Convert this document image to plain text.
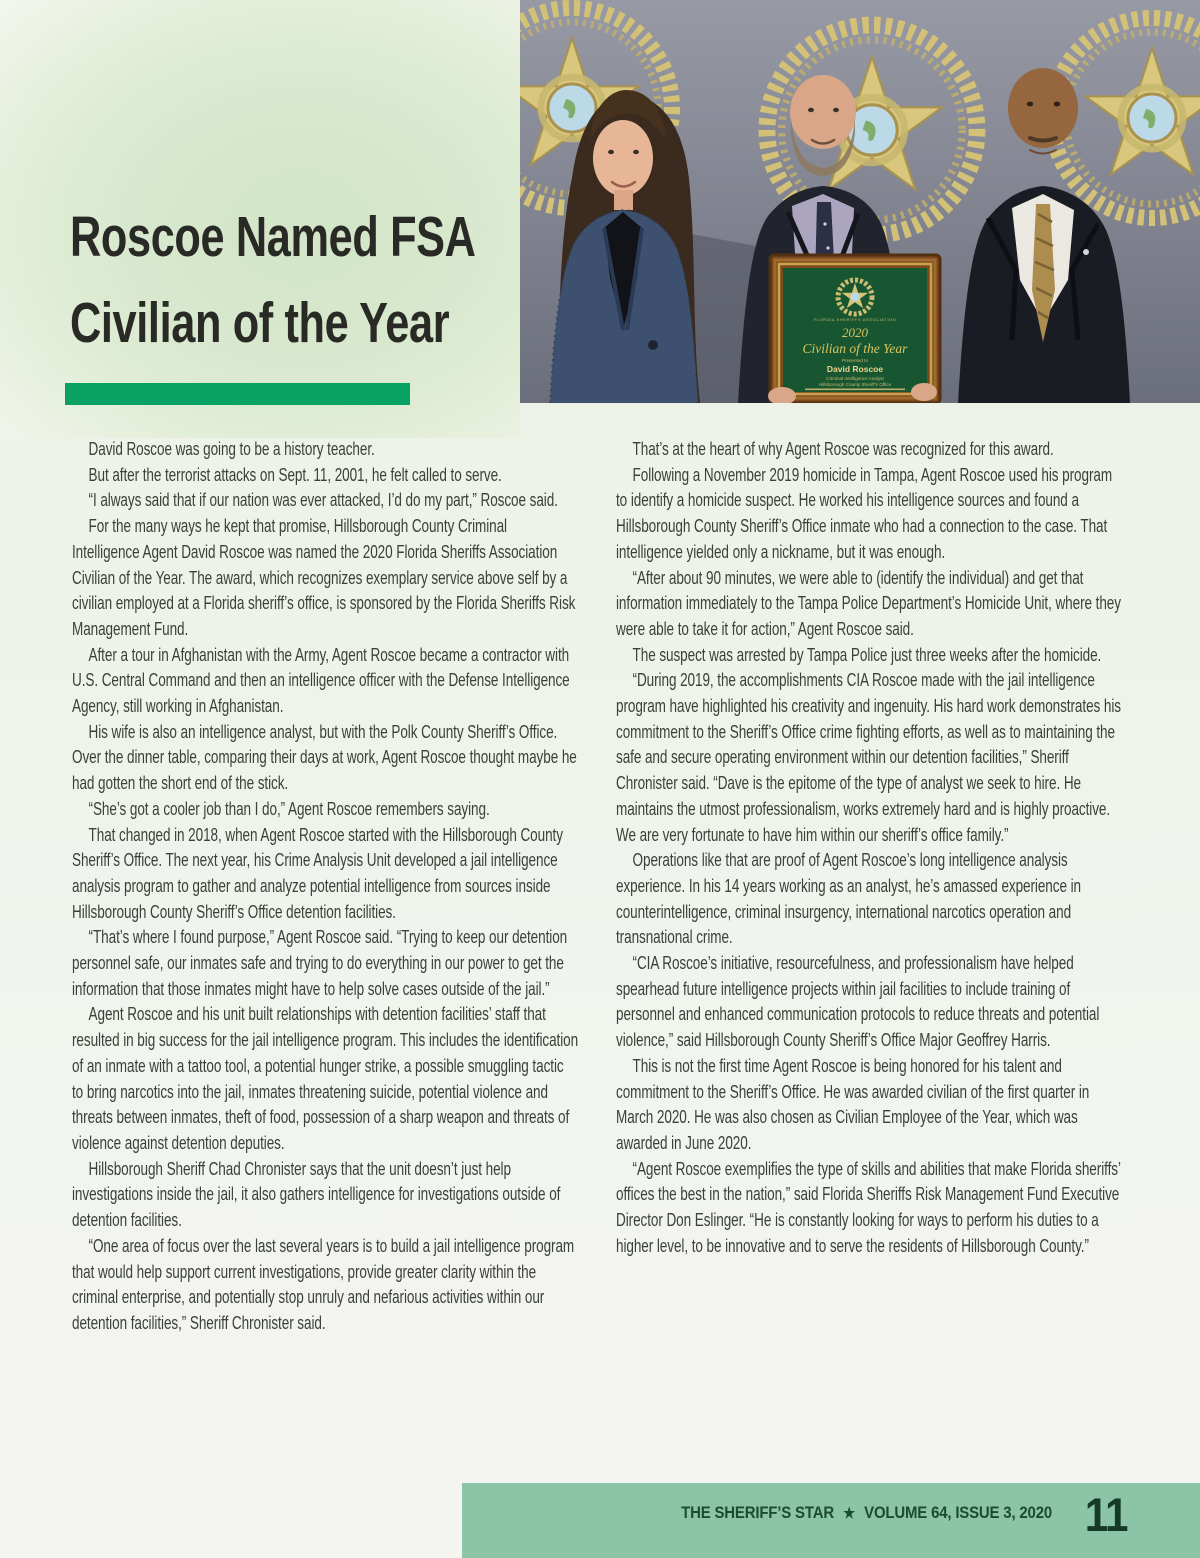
Roscoe Named FSA
Civilian of the Year	FLORIDA SHERIFFS ASSOCIATION
2020
Civilian of the Year
Presented to
David Roscoe
Criminal Intelligence Analyst
Hillsborough County Sheriff’s Office

David Roscoe was going to be a history teacher.

But after the terrorist attacks on Sept. 11, 2001, he felt called to serve.

“I always said that if our nation was ever attacked, I’d do my part,” Roscoe said.

For the many ways he kept that promise, Hillsborough County Criminal Intelligence Agent David Roscoe was named the 2020 Florida Sheriffs Association Civilian of the Year. The award, which recognizes exemplary service above self by a civilian employed at a Florida sheriff’s office, is sponsored by the Florida Sheriffs Risk Management Fund.

After a tour in Afghanistan with the Army, Agent Roscoe became a contractor with U.S. Central Command and then an intelligence officer with the Defense Intelligence Agency, still working in Afghanistan.

His wife is also an intelligence analyst, but with the Polk County Sheriff’s Office. Over the dinner table, comparing their days at work, Agent Roscoe thought maybe he had gotten the short end of the stick.

“She’s got a cooler job than I do,” Agent Roscoe remembers saying.

That changed in 2018, when Agent Roscoe started with the Hillsborough County Sheriff’s Office. The next year, his Crime Analysis Unit developed a jail intelligence analysis program to gather and analyze potential intelligence from sources inside Hillsborough County Sheriff’s Office detention facilities.

“That’s where I found purpose,” Agent Roscoe said. “Trying to keep our detention personnel safe, our inmates safe and trying to do everything in our power to get the information that those inmates might have to help solve cases outside of the jail.”

Agent Roscoe and his unit built relationships with detention facilities’ staff that resulted in big success for the jail intelligence program. This includes the identification of an inmate with a tattoo tool, a potential hunger strike, a possible smuggling tactic to bring narcotics into the jail, inmates threatening suicide, potential violence and threats between inmates, theft of food, possession of a sharp weapon and threats of violence against detention deputies.

Hillsborough Sheriff Chad Chronister says that the unit doesn’t just help investigations inside the jail, it also gathers intelligence for investigations outside of detention facilities.

“One area of focus over the last several years is to build a jail intelligence program that would help support current investigations, provide greater clarity within the criminal enterprise, and potentially stop unruly and nefarious activities within our detention facilities,” Sheriff Chronister said.

That’s at the heart of why Agent Roscoe was recognized for this award.

Following a November 2019 homicide in Tampa, Agent Roscoe used his program to identify a homicide suspect. He worked his intelligence sources and found a Hillsborough County Sheriff’s Office inmate who had a connection to the case. That intelligence yielded only a nickname, but it was enough.

“After about 90 minutes, we were able to (identify the individual) and get that information immediately to the Tampa Police Department’s Homicide Unit, where they were able to take it for action,” Agent Roscoe said.

The suspect was arrested by Tampa Police just three weeks after the homicide.

“During 2019, the accomplishments CIA Roscoe made with the jail intelligence program have highlighted his creativity and ingenuity. His hard work demonstrates his commitment to the Sheriff’s Office crime fighting efforts, as well as to maintaining the safe and secure operating environment within our detention facilities,” Sheriff Chronister said. “Dave is the epitome of the type of analyst we seek to hire. He maintains the utmost professionalism, works extremely hard and is highly proactive. We are very fortunate to have him within our sheriff’s office family.”

Operations like that are proof of Agent Roscoe’s long intelligence analysis experience. In his 14 years working as an analyst, he’s amassed experience in counterintelligence, criminal insurgency, international narcotics operation and transnational crime.

“CIA Roscoe’s initiative, resourcefulness, and professionalism have helped spearhead future intelligence projects within jail facilities to include training of personnel and enhanced communication protocols to reduce threats and potential violence,” said Hillsborough County Sheriff’s Office Major Geoffrey Harris.

This is not the first time Agent Roscoe is being honored for his talent and commitment to the Sheriff’s Office. He was awarded civilian of the first quarter in March 2020. He was also chosen as Civilian Employee of the Year, which was awarded in June 2020.

“Agent Roscoe exemplifies the type of skills and abilities that make Florida sheriffs’ offices the best in the nation,” said Florida Sheriffs Risk Management Fund Executive Director Don Eslinger. “He is constantly looking for ways to perform his duties to a higher level, to be innovative and to serve the residents of Hillsborough County.”

THE SHERIFF’S STAR ★ VOLUME 64, ISSUE 3, 2020 11
